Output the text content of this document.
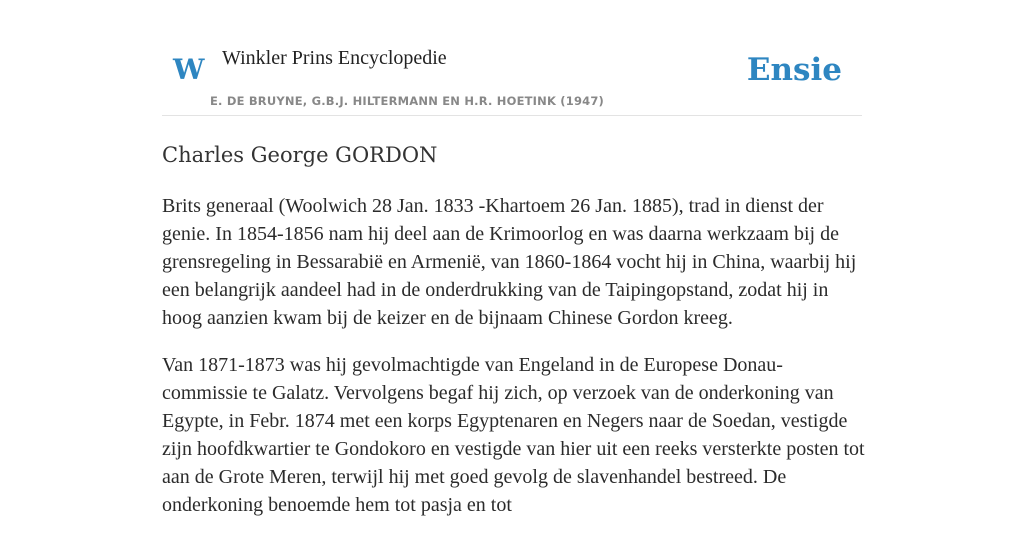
W Winkler Prins Encyclopedie
E. DE BRUYNE, G.B.J. HILTERMANN EN H.R. HOETINK (1947)
Ensie
Charles George GORDON

Brits generaal (Woolwich 28 Jan. 1833 -Khartoem 26 Jan. 1885), trad in dienst der genie. In 1854-1856 nam hij deel aan de Krimoorlog en was daarna werkzaam bij de grensregeling in Bessarabië en Armenië, van 1860-1864 vocht hij in China, waarbij hij een belangrijk aandeel had in de onderdrukking van de Taipingopstand, zodat hij in hoog aanzien kwam bij de keizer en de bijnaam Chinese Gordon kreeg.

Van 1871-1873 was hij gevolmachtigde van Engeland in de Europese Donau-commissie te Galatz. Vervolgens begaf hij zich, op verzoek van de onderkoning van Egypte, in Febr. 1874 met een korps Egyptenaren en Negers naar de Soedan, vestigde zijn hoofdkwartier te Gondokoro en vestigde van hier uit een reeks versterkte posten tot aan de Grote Meren, terwijl hij met goed gevolg de slavenhandel bestreed. De onderkoning benoemde hem tot pasja en tot
